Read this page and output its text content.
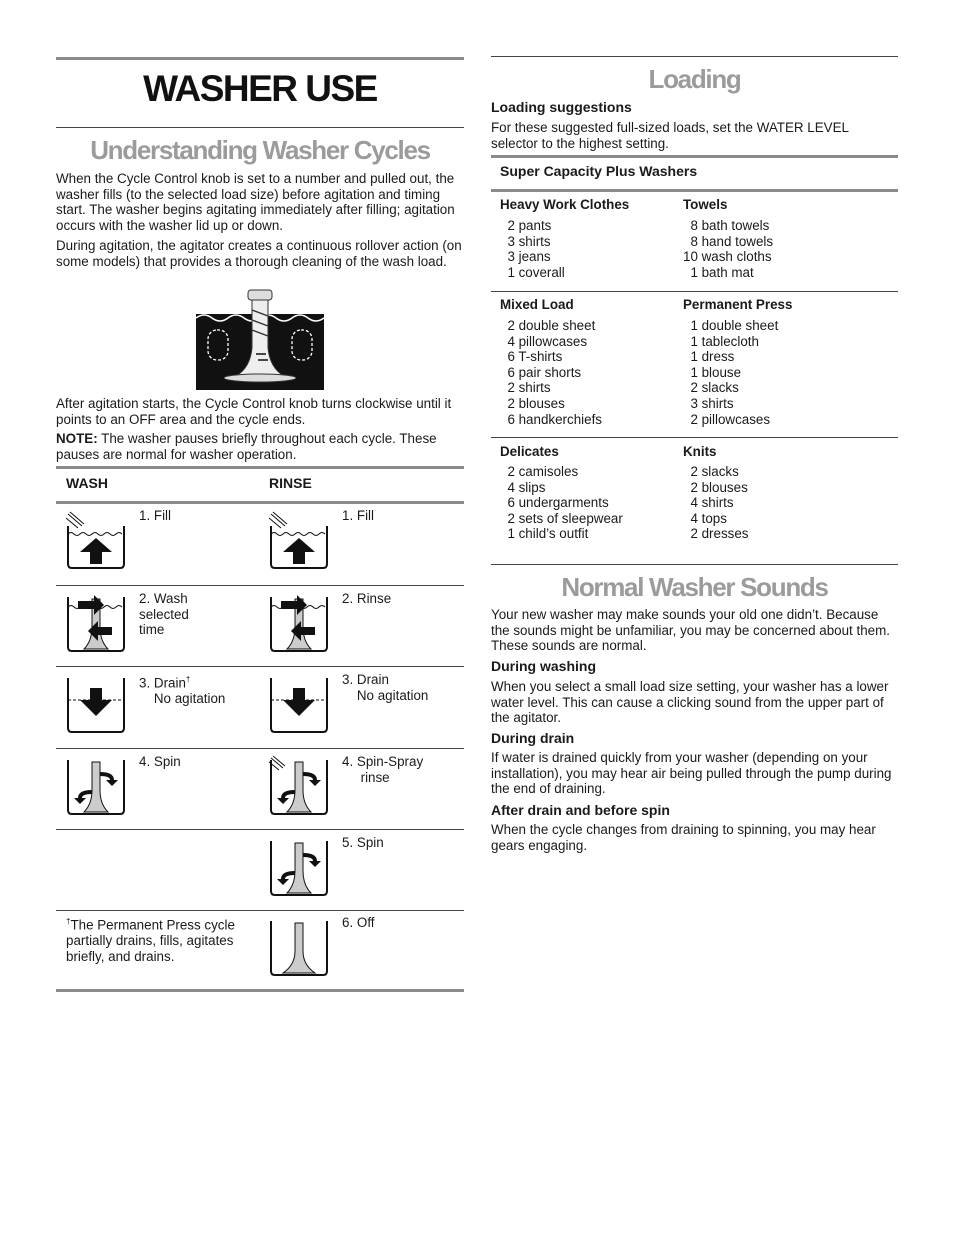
WASHER USE
Understanding Washer Cycles
When the Cycle Control knob is set to a number and pulled out, the washer fills (to the selected load size) before agitation and timing start. The washer begins agitating immediately after filling; agitation occurs with the washer lid up or down.
During agitation, the agitator creates a continuous rollover action (on some models) that provides a thorough cleaning of the wash load.
After agitation starts, the Cycle Control knob turns clockwise until it points to an OFF area and the cycle ends.
NOTE: The washer pauses briefly throughout each cycle. These pauses are normal for washer operation.
WASH	RINSE
1. Fill
2. Wash
selected
time
3. Drain†
No agitation
4. Spin
†The Permanent Press cycle partially drains, fills, agitates briefly, and drains.
1. Fill
2. Rinse
3. Drain
No agitation
4. Spin-Spray
rinse
5. Spin
6. Off
Loading
Loading suggestions
For these suggested full-sized loads, set the WATER LEVEL selector to the highest setting.
Super Capacity Plus Washers
Heavy Work Clothes
2 pants
3 shirts
3 jeans
1 coverall
Towels
8 bath towels
8 hand towels
10 wash cloths
1 bath mat
Mixed Load
2 double sheet
4 pillowcases
6 T-shirts
6 pair shorts
2 shirts
2 blouses
6 handkerchiefs
Permanent Press
1 double sheet
1 tablecloth
1 dress
1 blouse
2 slacks
3 shirts
2 pillowcases
Delicates
2 camisoles
4 slips
6 undergarments
2 sets of sleepwear
1 child’s outfit
Knits
2 slacks
2 blouses
4 shirts
4 tops
2 dresses
Normal Washer Sounds
Your new washer may make sounds your old one didn’t. Because the sounds might be unfamiliar, you may be concerned about them. These sounds are normal.
During washing
When you select a small load size setting, your washer has a lower water level. This can cause a clicking sound from the upper part of the agitator.
During drain
If water is drained quickly from your washer (depending on your installation), you may hear air being pulled through the pump during the end of draining.
After drain and before spin
When the cycle changes from draining to spinning, you may hear gears engaging.
